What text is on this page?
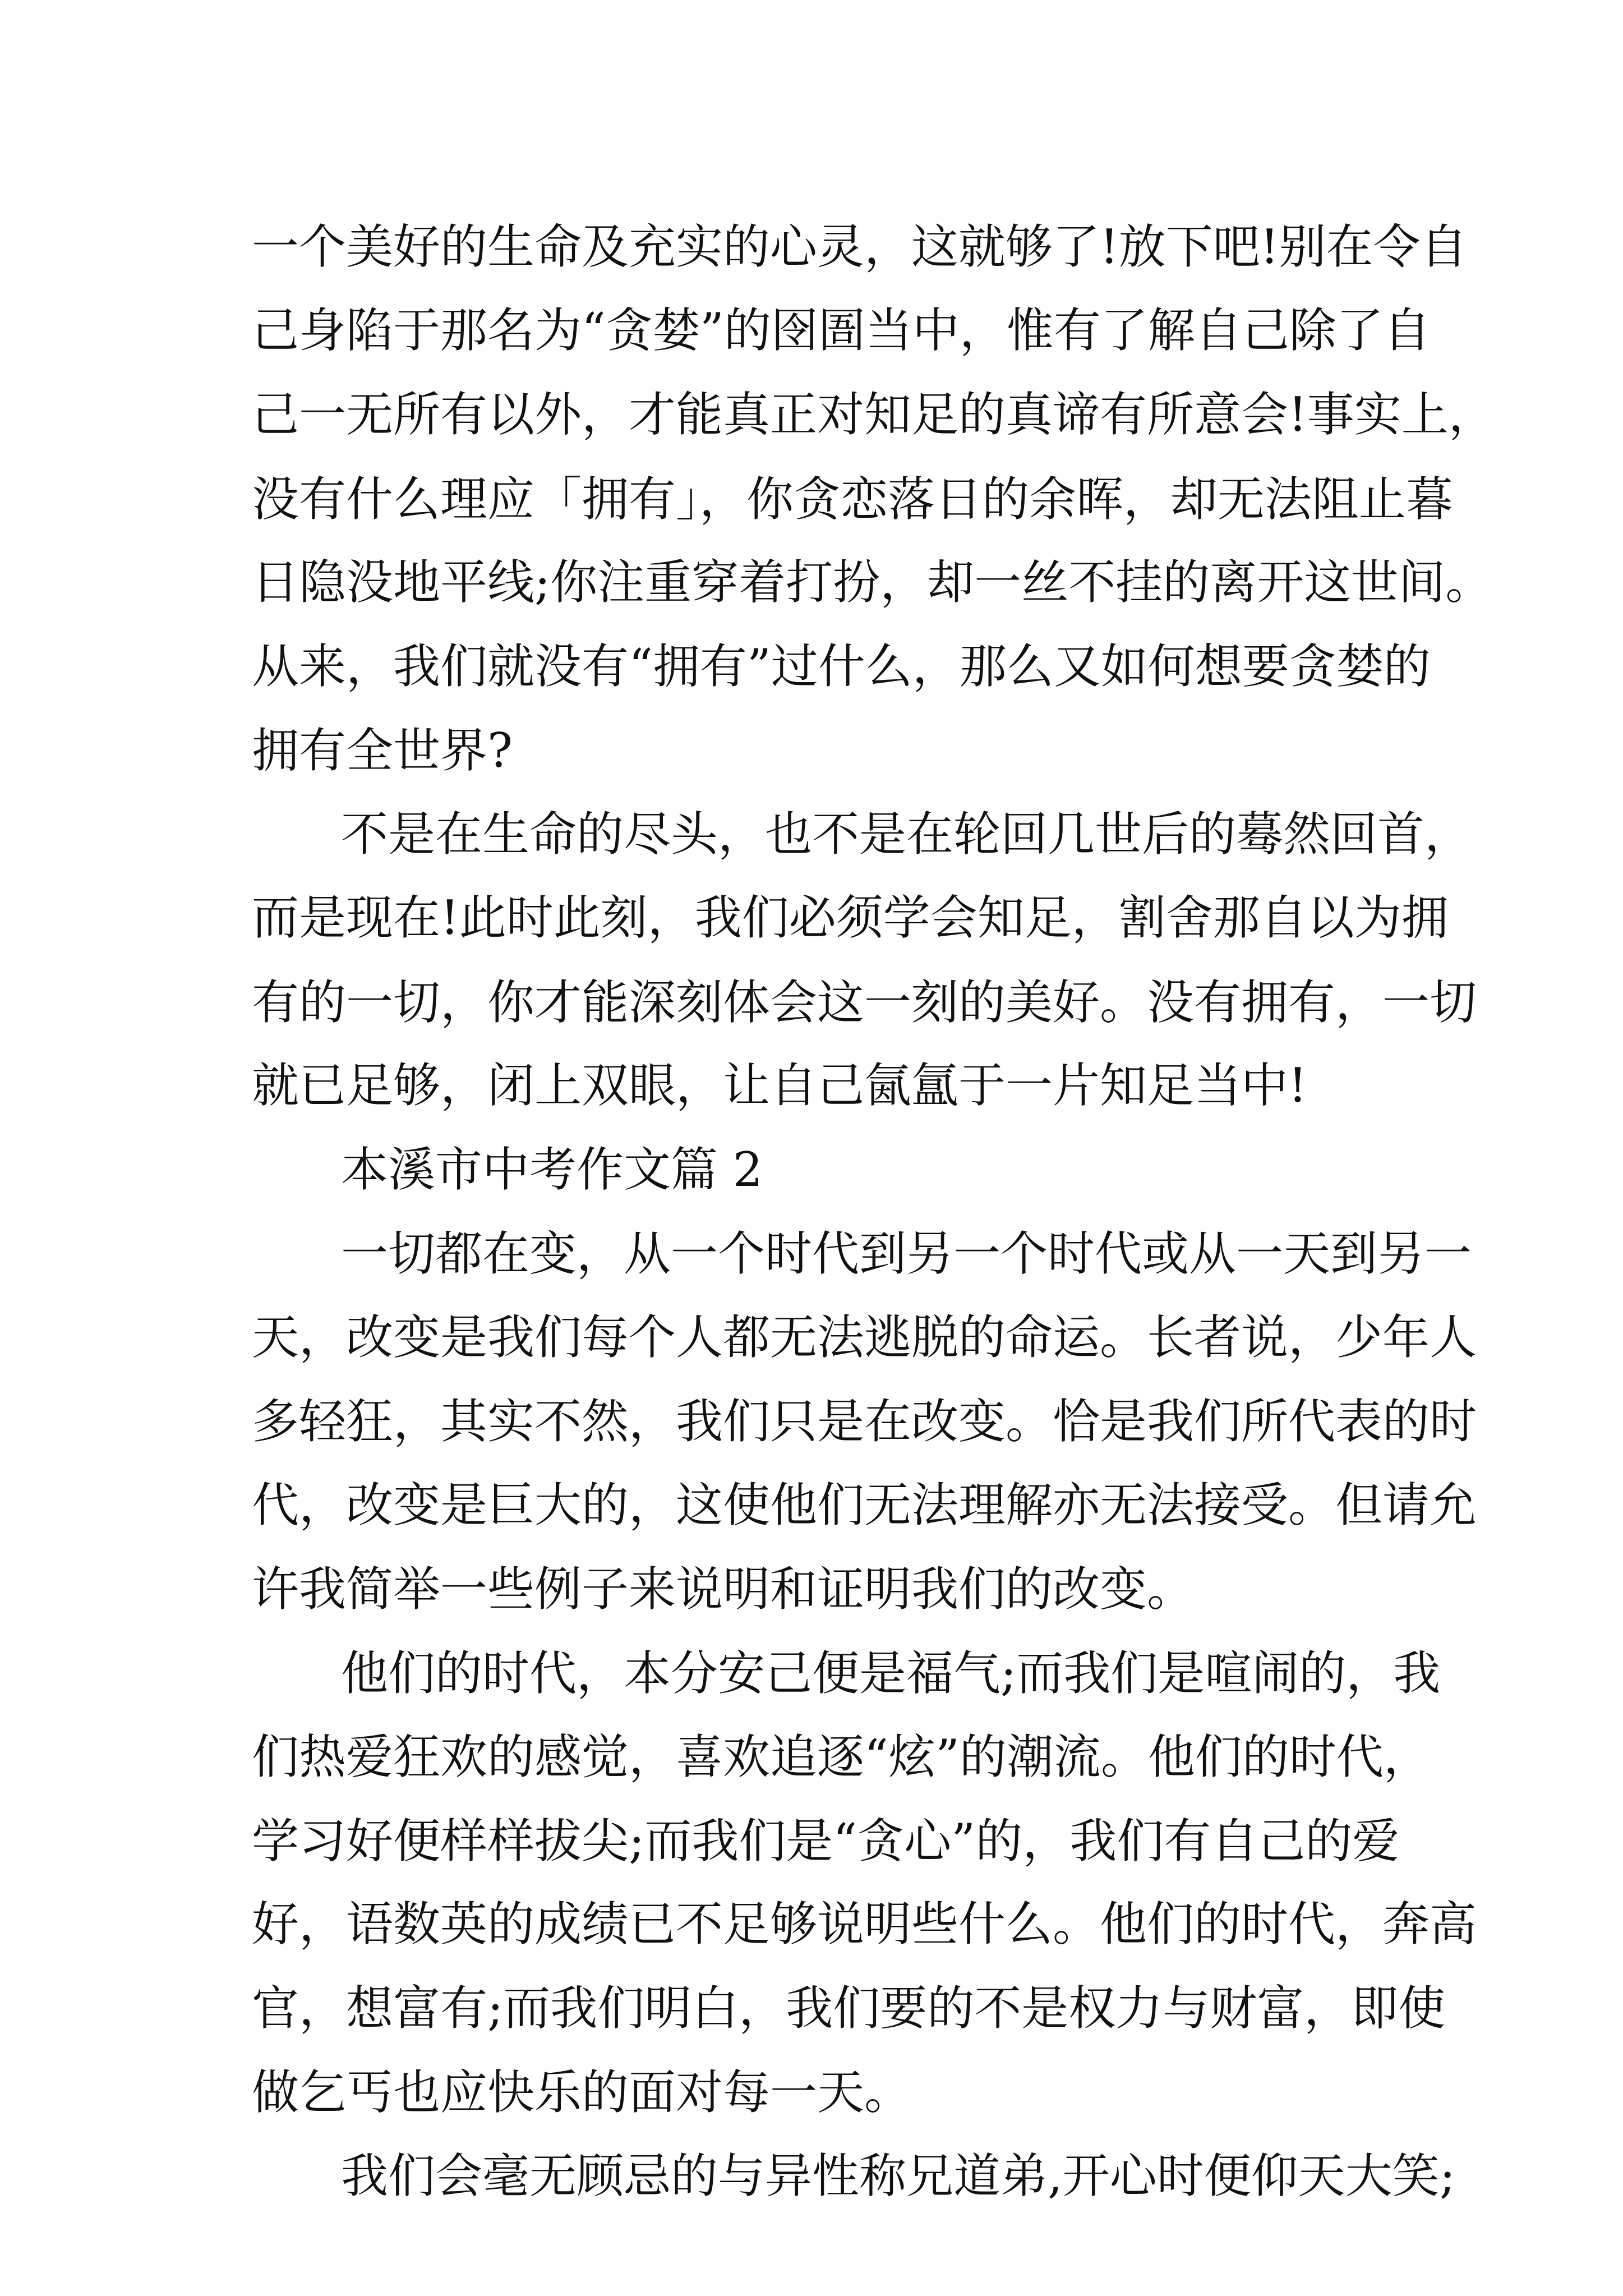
一个美好的生命及充实的心灵，这就够了!放下吧!别在令自
己身陷于那名为“贪婪”的囹圄当中，惟有了解自己除了自
己一无所有以外，才能真正对知足的真谛有所意会!事实上，
没有什么理应「拥有」，你贪恋落日的余晖，却无法阻止暮
日隐没地平线;你注重穿着打扮，却一丝不挂的离开这世间。
从来，我们就没有“拥有”过什么，那么又如何想要贪婪的
拥有全世界?
不是在生命的尽头，也不是在轮回几世后的蓦然回首，
而是现在!此时此刻，我们必须学会知足，割舍那自以为拥
有的一切，你才能深刻体会这一刻的美好。没有拥有，一切
就已足够，闭上双眼，让自己氤氲于一片知足当中!
本溪市中考作文篇 2
一切都在变，从一个时代到另一个时代或从一天到另一
天，改变是我们每个人都无法逃脱的命运。长者说，少年人
多轻狂，其实不然，我们只是在改变。恰是我们所代表的时
代，改变是巨大的，这使他们无法理解亦无法接受。但请允
许我简举一些例子来说明和证明我们的改变。
他们的时代，本分安己便是福气;而我们是喧闹的，我
们热爱狂欢的感觉，喜欢追逐“炫”的潮流。他们的时代，
学习好便样样拔尖;而我们是“贪心”的，我们有自己的爱
好，语数英的成绩已不足够说明些什么。他们的时代，奔高
官，想富有;而我们明白，我们要的不是权力与财富，即使
做乞丐也应快乐的面对每一天。
我们会毫无顾忌的与异性称兄道弟,开心时便仰天大笑;
